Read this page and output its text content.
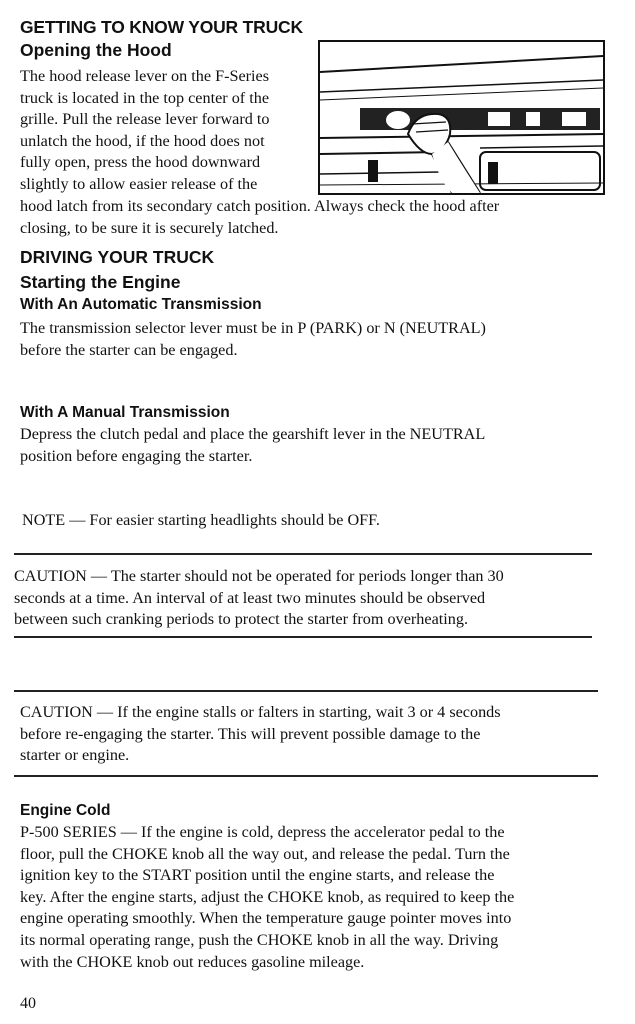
GETTING TO KNOW YOUR TRUCK
Opening the Hood
The hood release lever on the F-Series
truck is located in the top center of the
grille. Pull the release lever forward to
unlatch the hood, if the hood does not
fully open, press the hood downward
slightly to allow easier release of the
hood latch from its secondary catch position. Always check the hood after
closing, to be sure it is securely latched.
DRIVING YOUR TRUCK
Starting the Engine
With An Automatic Transmission
The transmission selector lever must be in P (PARK) or N (NEUTRAL)
before the starter can be engaged.
With A Manual Transmission
Depress the clutch pedal and place the gearshift lever in the NEUTRAL
position before engaging the starter.
NOTE — For easier starting headlights should be OFF.
CAUTION — The starter should not be operated for periods longer than 30
seconds at a time. An interval of at least two minutes should be observed
between such cranking periods to protect the starter from overheating.
CAUTION — If the engine stalls or falters in starting, wait 3 or 4 seconds
before re-engaging the starter. This will prevent possible damage to the
starter or engine.
Engine Cold
P-500 SERIES — If the engine is cold, depress the accelerator pedal to the
floor, pull the CHOKE knob all the way out, and release the pedal. Turn the
ignition key to the START position until the engine starts, and release the
key. After the engine starts, adjust the CHOKE knob, as required to keep the
engine operating smoothly. When the temperature gauge pointer moves into
its normal operating range, push the CHOKE knob in all the way. Driving
with the CHOKE knob out reduces gasoline mileage.
40
